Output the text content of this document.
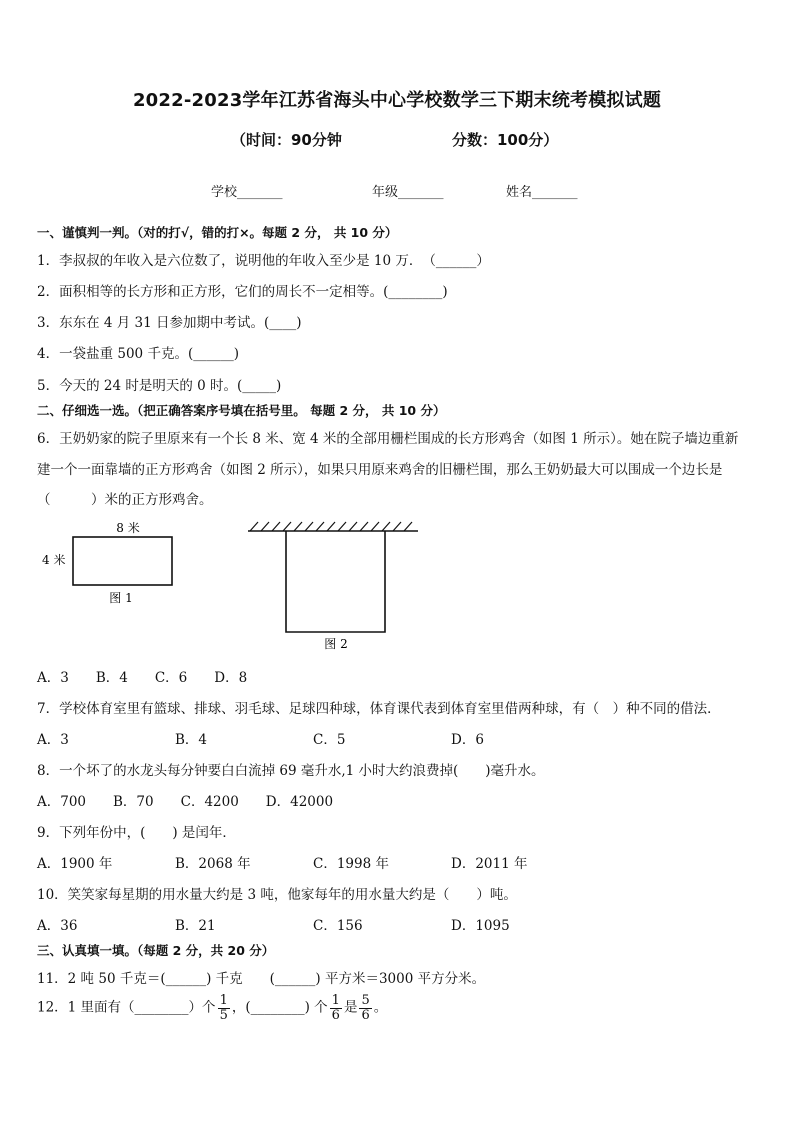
2022-2023学年江苏省海头中心学校数学三下期末统考模拟试题
（时间：90分钟	分数：100分）
学校_______	年级_______	姓名_______
一、谨慎判一判。（对的打√，错的打×。每题 2 分， 共 10 分）
1．李叔叔的年收入是六位数了，说明他的年收入至少是 10 万．　（______）
2．面积相等的长方形和正方形，它们的周长不一定相等。(________)
3．东东在 4 月 31 日参加期中考试。(____)
4．一袋盐重 500 千克。(______)
5．今天的 24 时是明天的 0 时。(_____)
二、仔细选一选。（把正确答案序号填在括号里。 每题 2 分， 共 10 分）
6．王奶奶家的院子里原来有一个长 8 米、宽 4 米的全部用栅栏围成的长方形鸡舍（如图 1 所示）。她在院子墙边重新
建一个一面靠墙的正方形鸡舍（如图 2 所示），如果只用原来鸡舍的旧栅栏围，那么王奶奶最大可以围成一个边长是
（　　　）米的正方形鸡舍。
8 米
4 米
图 1
图 2
A．3　　B．4　　C．6　　D．8
7．学校体育室里有篮球、排球、羽毛球、足球四种球，体育课代表到体育室里借两种球，有（　）种不同的借法．
A．3	B．4	C．5	D．6
8．一个坏了的水龙头每分钟要白白流掉 69 毫升水,1 小时大约浪费掉(　　)毫升水。
A．700　　B．70　　C．4200　　D．42000
9．下列年份中，(　　) 是闰年．
A．1900 年	B．2068 年	C．1998 年	D．2011 年
10．笑笑家每星期的用水量大约是 3 吨，他家每年的用水量大约是（　　）吨。
A．36	B．21	C．156	D．1095
三、认真填一填。（每题 2 分，共 20 分）
11．2 吨 50 千克＝(______) 千克　　(______) 平方米＝3000 平方分米。
12．1 里面有（________）个 $\frac{1}{5}$ ，(________) 个 $\frac{1}{6}$ 是 $\frac{5}{6}$ 。
